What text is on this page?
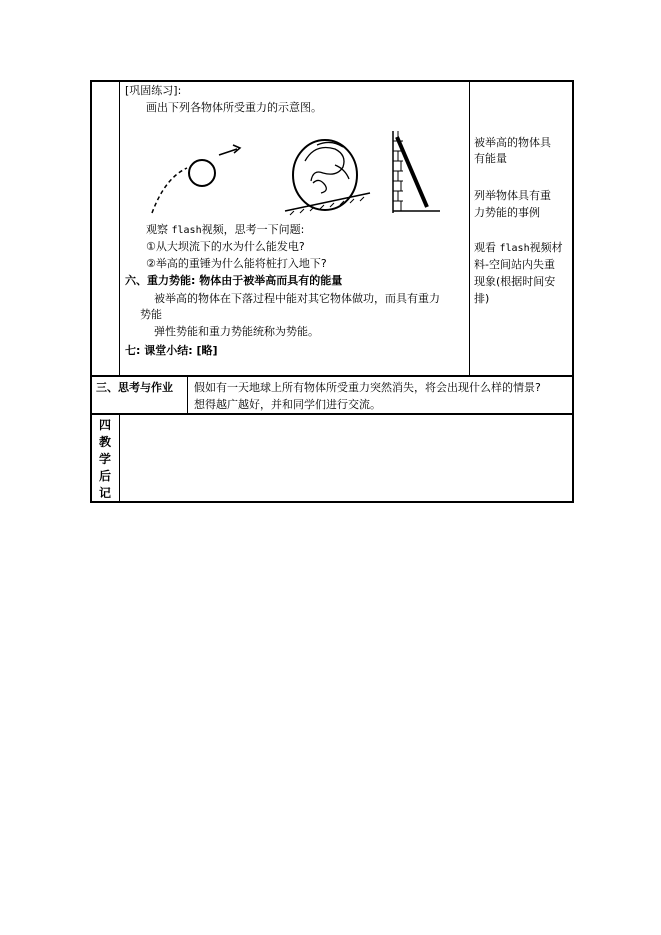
[巩固练习]:
画出下列各物体所受重力的示意图。
观察 flash视频，思考一下问题:
①从大坝流下的水为什么能发电?
②举高的重锤为什么能将桩打入地下?
六、重力势能: 物体由于被举高而具有的能量
被举高的物体在下落过程中能对其它物体做功，而具有重力
势能
弹性势能和重力势能统称为势能。
七: 课堂小结: [略]
被举高的物体具
有能量
列举物体具有重
力势能的事例
观看 flash视频材
料-空间站内失重
现象(根据时间安
排)
三、思考与作业 假如有一天地球上所有物体所受重力突然消失，将会出现什么样的情景?
想得越广越好，并和同学们进行交流。
四
教
学
后
记
